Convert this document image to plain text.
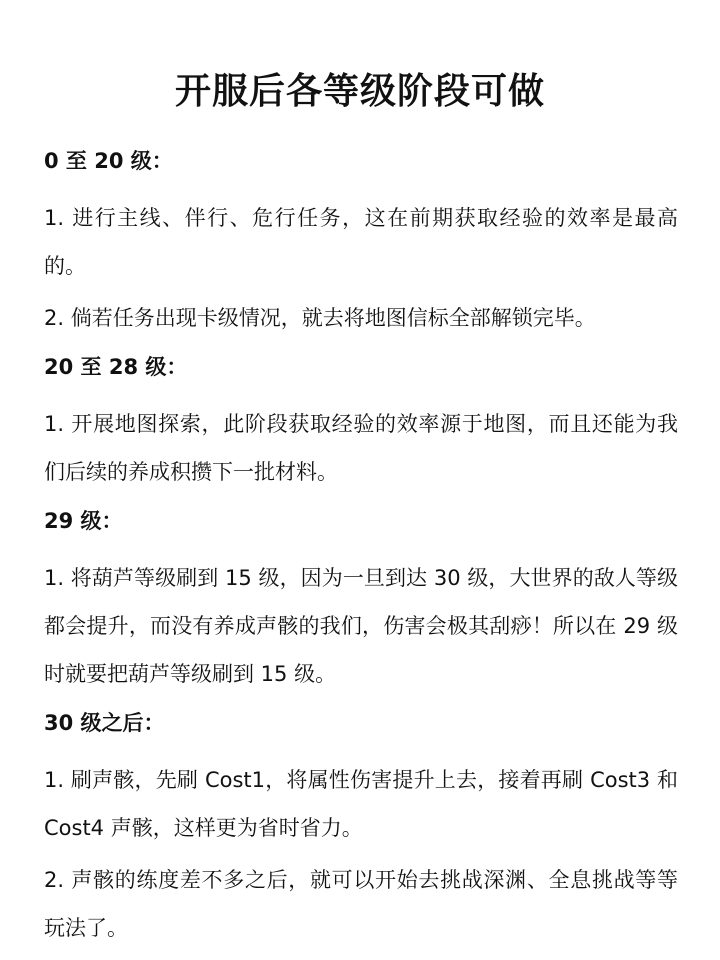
开服后各等级阶段可做
0 至 20 级：
1. 进行主线、伴行、危行任务，这在前期获取经验的效率是最高的。
2. 倘若任务出现卡级情况，就去将地图信标全部解锁完毕。
20 至 28 级：
1. 开展地图探索，此阶段获取经验的效率源于地图，而且还能为我们后续的养成积攒下一批材料。
29 级：
1. 将葫芦等级刷到 15 级，因为一旦到达 30 级，大世界的敌人等级都会提升，而没有养成声骸的我们，伤害会极其刮痧！所以在 29 级时就要把葫芦等级刷到 15 级。
30 级之后：
1. 刷声骸，先刷 Cost1，将属性伤害提升上去，接着再刷 Cost3 和 Cost4 声骸，这样更为省时省力。
2. 声骸的练度差不多之后，就可以开始去挑战深渊、全息挑战等等玩法了。
